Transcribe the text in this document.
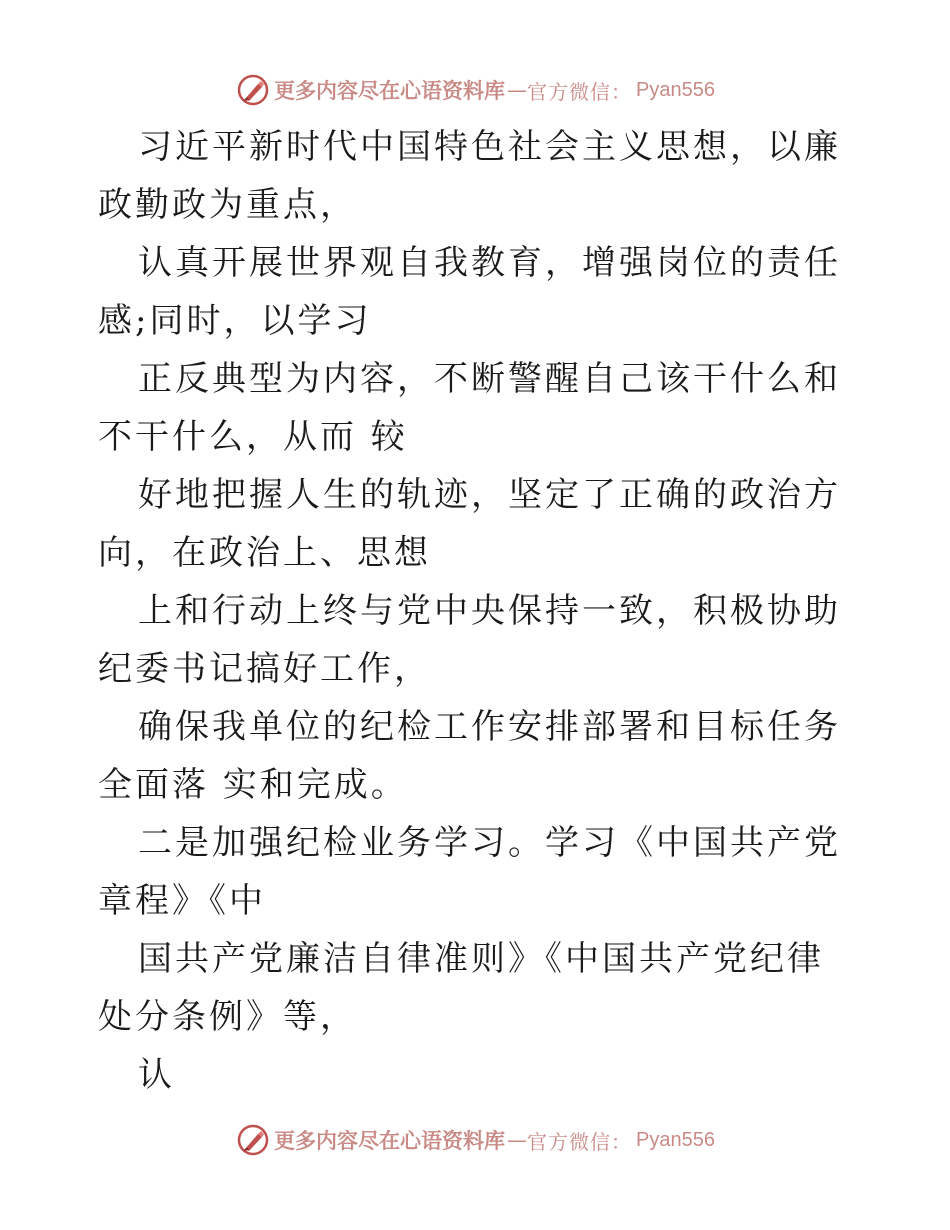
更多内容尽在心语资料库 — 官方微信： Pyan556

习近平新时代中国特色社会主义思想，以廉政勤政为重点，

认真开展世界观自我教育，增强岗位的责任感;同时，以学习

正反典型为内容，不断警醒自己该干什么和不干什么，从而 较

好地把握人生的轨迹，坚定了正确的政治方向，在政治上、思想

上和行动上终与党中央保持一致，积极协助纪委书记搞好工作，

确保我单位的纪检工作安排部署和目标任务全面落 实和完成。

二是加强纪检业务学习。学习《中国共产党章程》《中

国共产党廉洁自律准则》《中国共产党纪律处分条例》等，

认

更多内容尽在心语资料库 — 官方微信： Pyan556
